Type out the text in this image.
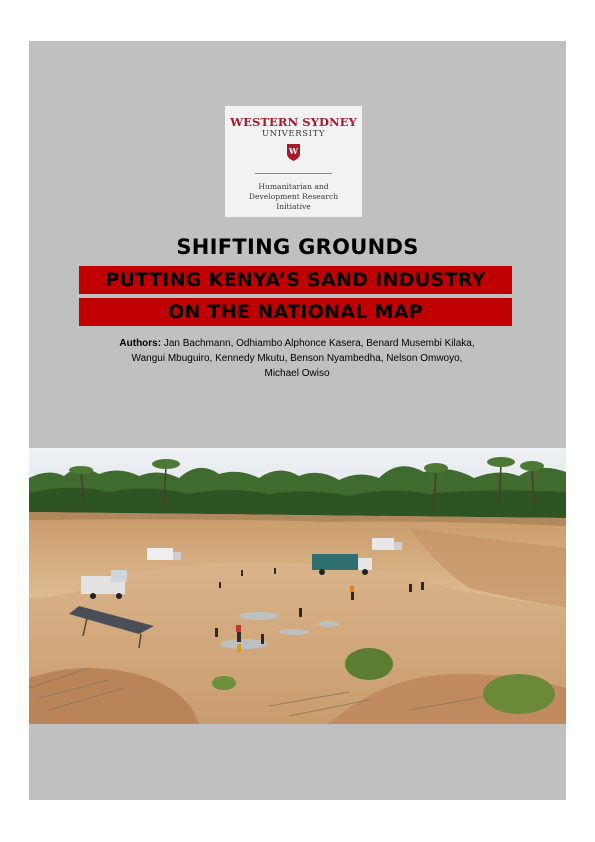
WESTERN SYDNEY
UNIVERSITY
W
Humanitarian and
Development Research
Initiative
SHIFTING GROUNDS
PUTTING KENYA’S SAND INDUSTRY
ON THE NATIONAL MAP
Authors: Jan Bachmann, Odhiambo Alphonce Kasera, Benard Musembi Kilaka, Wangui Mbuguiro, Kennedy Mkutu, Benson Nyambedha, Nelson Omwoyo, Michael Owiso
